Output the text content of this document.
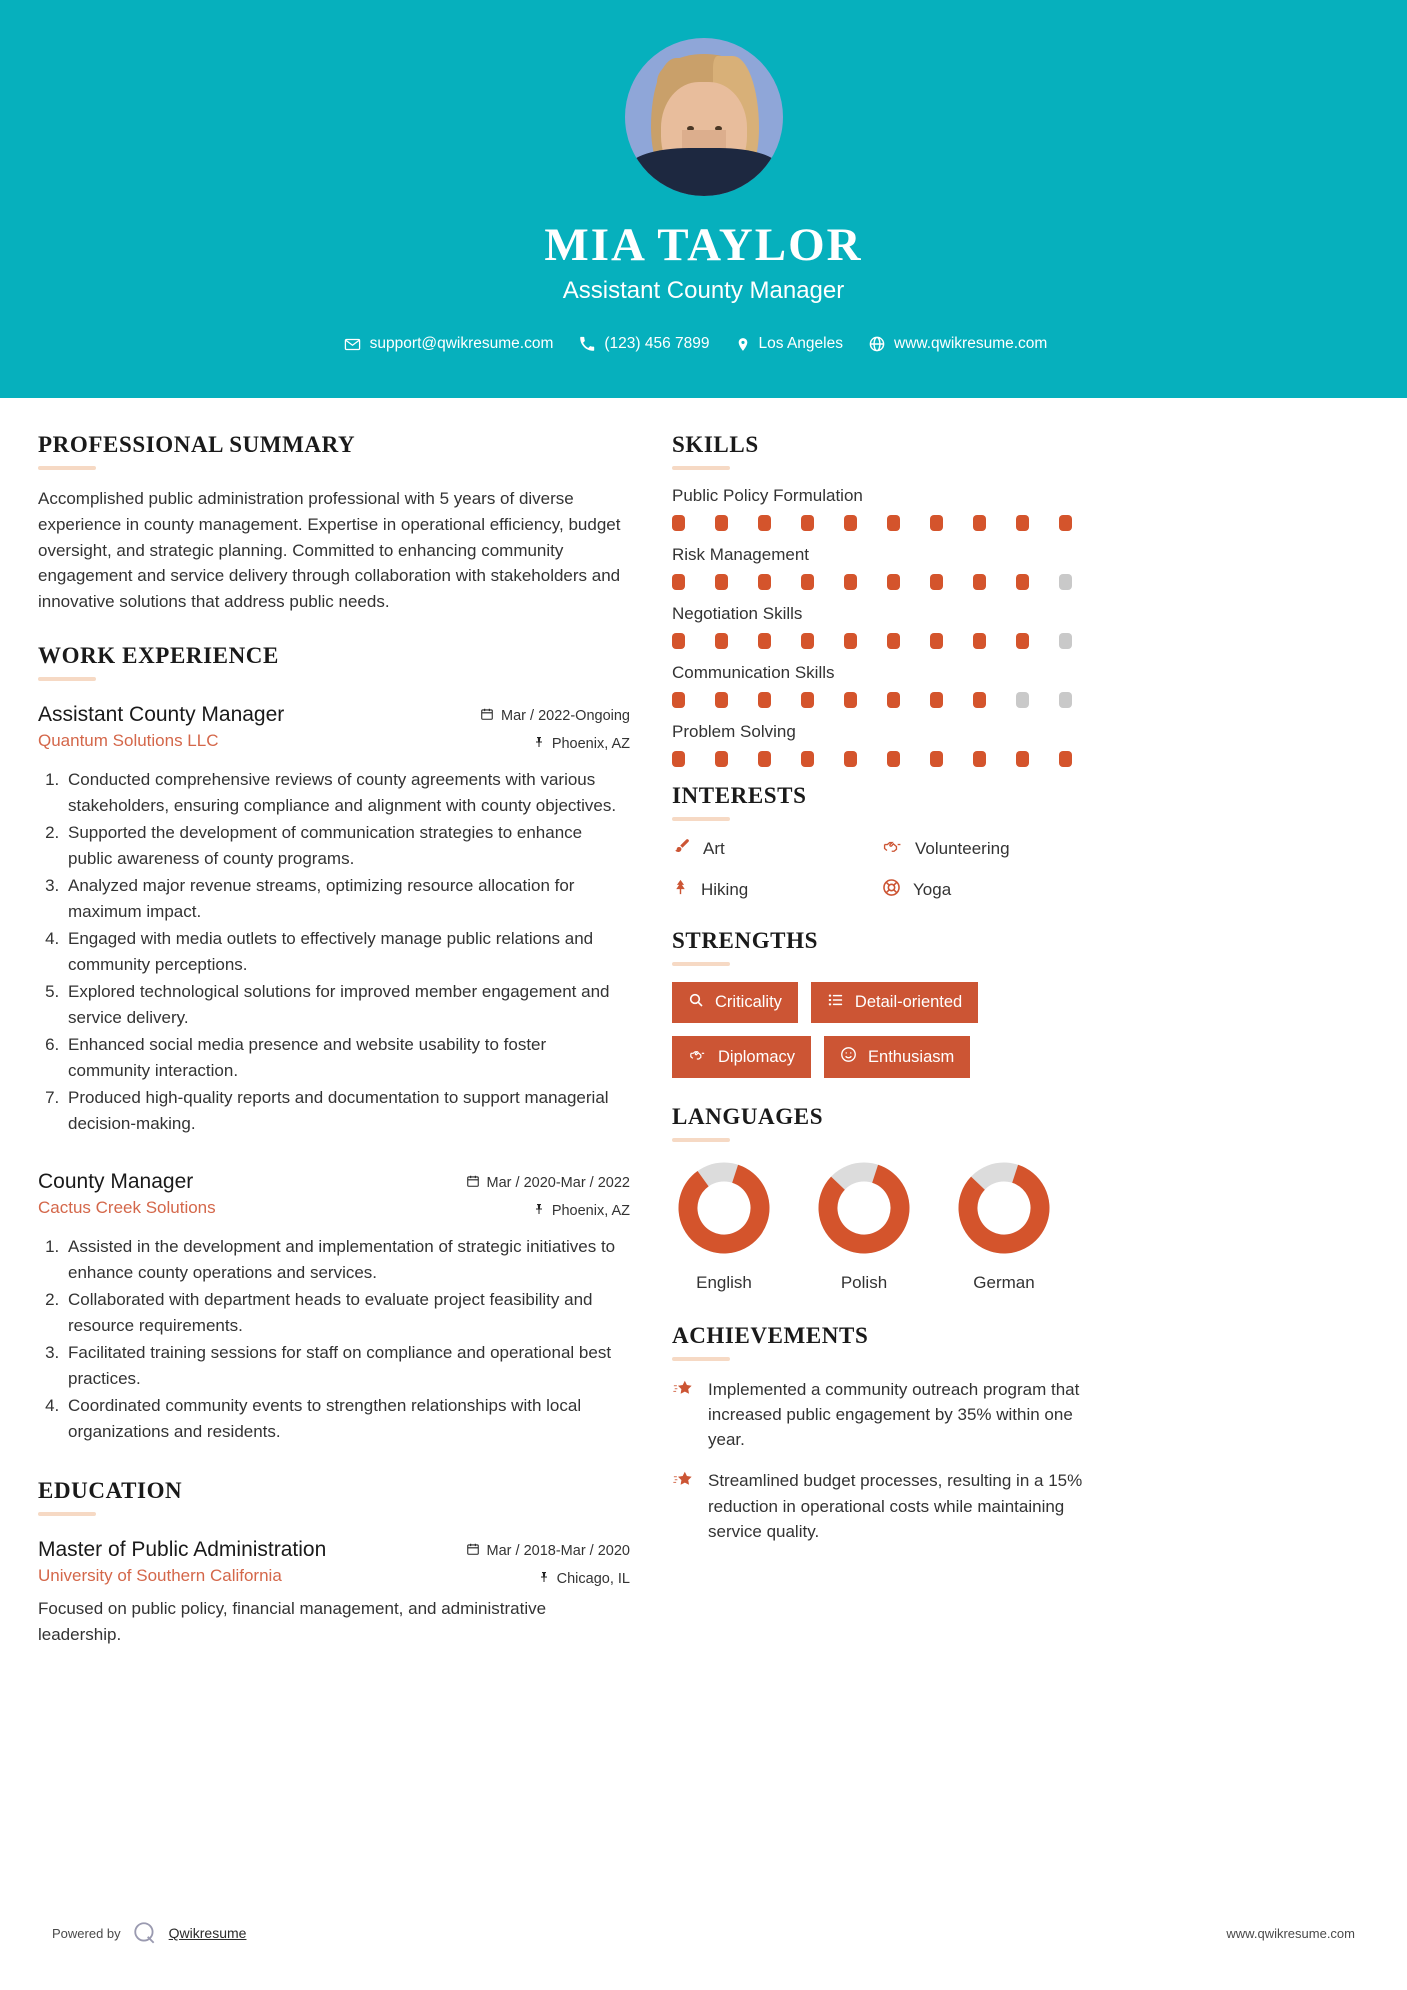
MIA TAYLOR
Assistant County Manager
support@qwikresume.com	(123) 456 7899	Los Angeles	www.qwikresume.com
PROFESSIONAL SUMMARY
Accomplished public administration professional with 5 years of diverse experience in county management. Expertise in operational efficiency, budget oversight, and strategic planning. Committed to enhancing community engagement and service delivery through collaboration with stakeholders and innovative solutions that address public needs.
WORK EXPERIENCE
Assistant County Manager
Quantum Solutions LLC
Mar / 2022-Ongoing
Phoenix, AZ
1. Conducted comprehensive reviews of county agreements with various stakeholders, ensuring compliance and alignment with county objectives.
2. Supported the development of communication strategies to enhance public awareness of county programs.
3. Analyzed major revenue streams, optimizing resource allocation for maximum impact.
4. Engaged with media outlets to effectively manage public relations and community perceptions.
5. Explored technological solutions for improved member engagement and service delivery.
6. Enhanced social media presence and website usability to foster community interaction.
7. Produced high-quality reports and documentation to support managerial decision-making.
County Manager
Cactus Creek Solutions
Mar / 2020-Mar / 2022
Phoenix, AZ
1. Assisted in the development and implementation of strategic initiatives to enhance county operations and services.
2. Collaborated with department heads to evaluate project feasibility and resource requirements.
3. Facilitated training sessions for staff on compliance and operational best practices.
4. Coordinated community events to strengthen relationships with local organizations and residents.
EDUCATION
Master of Public Administration
University of Southern California
Mar / 2018-Mar / 2020
Chicago, IL
Focused on public policy, financial management, and administrative leadership.
SKILLS
Public Policy Formulation
Risk Management
Negotiation Skills
Communication Skills
Problem Solving
INTERESTS
Art	Volunteering
Hiking	Yoga
STRENGTHS
Criticality	Detail-oriented
Diplomacy	Enthusiasm
LANGUAGES
English	Polish	German
ACHIEVEMENTS
Implemented a community outreach program that increased public engagement by 35% within one year.
Streamlined budget processes, resulting in a 15% reduction in operational costs while maintaining service quality.
Powered by	Qwikresume	www.qwikresume.com
